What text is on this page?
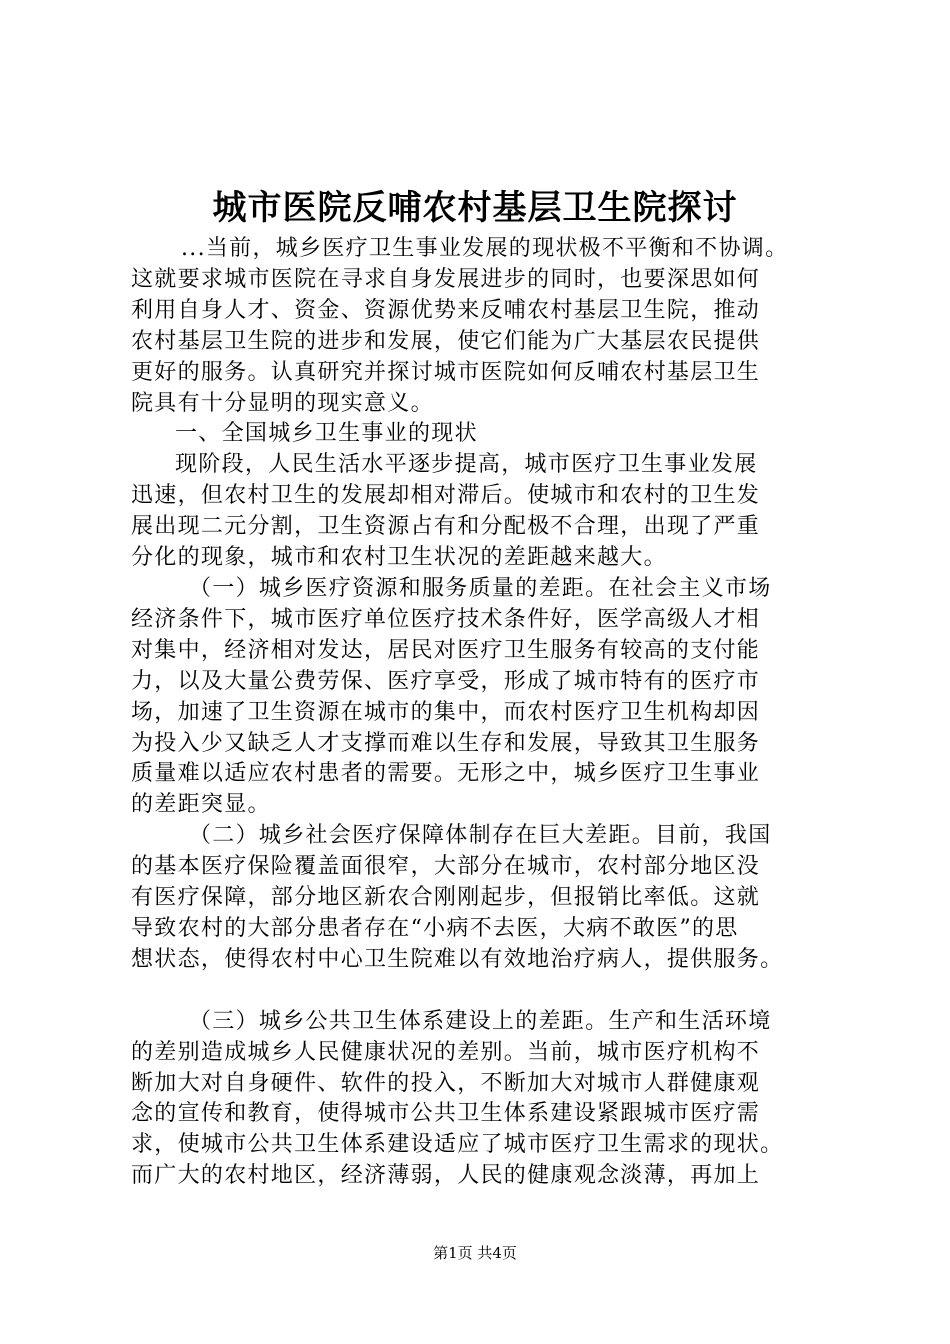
城市医院反哺农村基层卫生院探讨

...当前，城乡医疗卫生事业发展的现状极不平衡和不协调。
这就要求城市医院在寻求自身发展进步的同时，也要深思如何
利用自身人才、资金、资源优势来反哺农村基层卫生院，推动
农村基层卫生院的进步和发展，使它们能为广大基层农民提供
更好的服务。认真研究并探讨城市医院如何反哺农村基层卫生
院具有十分显明的现实意义。

一、全国城乡卫生事业的现状

现阶段，人民生活水平逐步提高，城市医疗卫生事业发展
迅速，但农村卫生的发展却相对滞后。使城市和农村的卫生发
展出现二元分割，卫生资源占有和分配极不合理，出现了严重
分化的现象，城市和农村卫生状况的差距越来越大。

（一）城乡医疗资源和服务质量的差距。在社会主义市场
经济条件下，城市医疗单位医疗技术条件好，医学高级人才相
对集中，经济相对发达，居民对医疗卫生服务有较高的支付能
力，以及大量公费劳保、医疗享受，形成了城市特有的医疗市
场，加速了卫生资源在城市的集中，而农村医疗卫生机构却因
为投入少又缺乏人才支撑而难以生存和发展，导致其卫生服务
质量难以适应农村患者的需要。无形之中，城乡医疗卫生事业
的差距突显。

（二）城乡社会医疗保障体制存在巨大差距。目前，我国
的基本医疗保险覆盖面很窄，大部分在城市，农村部分地区没
有医疗保障，部分地区新农合刚刚起步，但报销比率低。这就
导致农村的大部分患者存在“小病不去医，大病不敢医”的思
想状态，使得农村中心卫生院难以有效地治疗病人，提供服务。

（三）城乡公共卫生体系建设上的差距。生产和生活环境
的差别造成城乡人民健康状况的差别。当前，城市医疗机构不
断加大对自身硬件、软件的投入，不断加大对城市人群健康观
念的宣传和教育，使得城市公共卫生体系建设紧跟城市医疗需
求，使城市公共卫生体系建设适应了城市医疗卫生需求的现状。
而广大的农村地区，经济薄弱，人民的健康观念淡薄，再加上

第1页 共4页
